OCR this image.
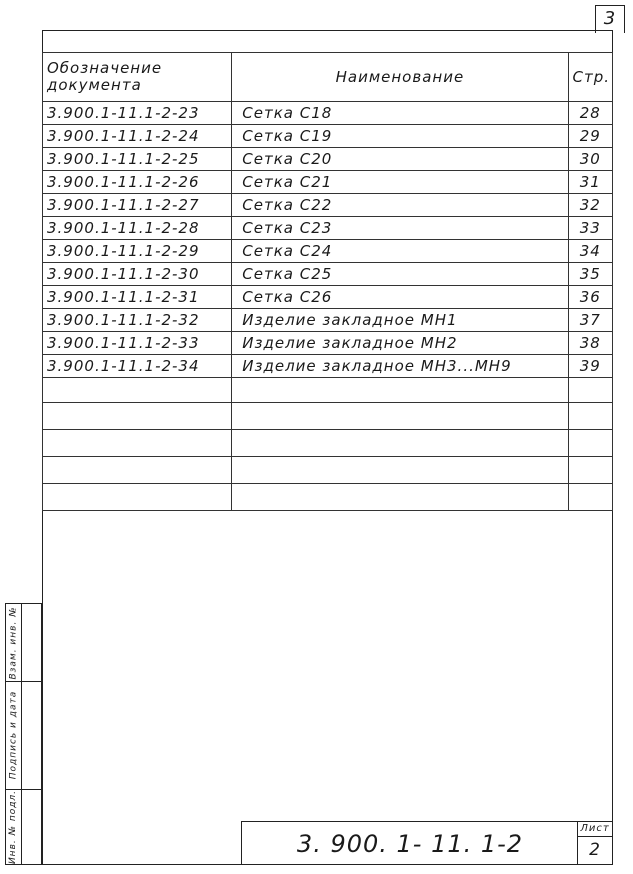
3
Обозначение
документа	Наименование	Стр.
3.900.1-11.1-2-23	Сетка С18	28
3.900.1-11.1-2-24	Сетка С19	29
3.900.1-11.1-2-25	Сетка С20	30
3.900.1-11.1-2-26	Сетка С21	31
3.900.1-11.1-2-27	Сетка С22	32
3.900.1-11.1-2-28	Сетка С23	33
3.900.1-11.1-2-29	Сетка С24	34
3.900.1-11.1-2-30	Сетка С25	35
3.900.1-11.1-2-31	Сетка С26	36
3.900.1-11.1-2-32	Изделие закладное МН1	37
3.900.1-11.1-2-33	Изделие закладное МН2	38
3.900.1-11.1-2-34	Изделие закладное МН3...МН9	39

Взам. инв. №
Подпись и дата
Инв. № подл.	3. 900. 1- 11. 1-2
Лист
2
